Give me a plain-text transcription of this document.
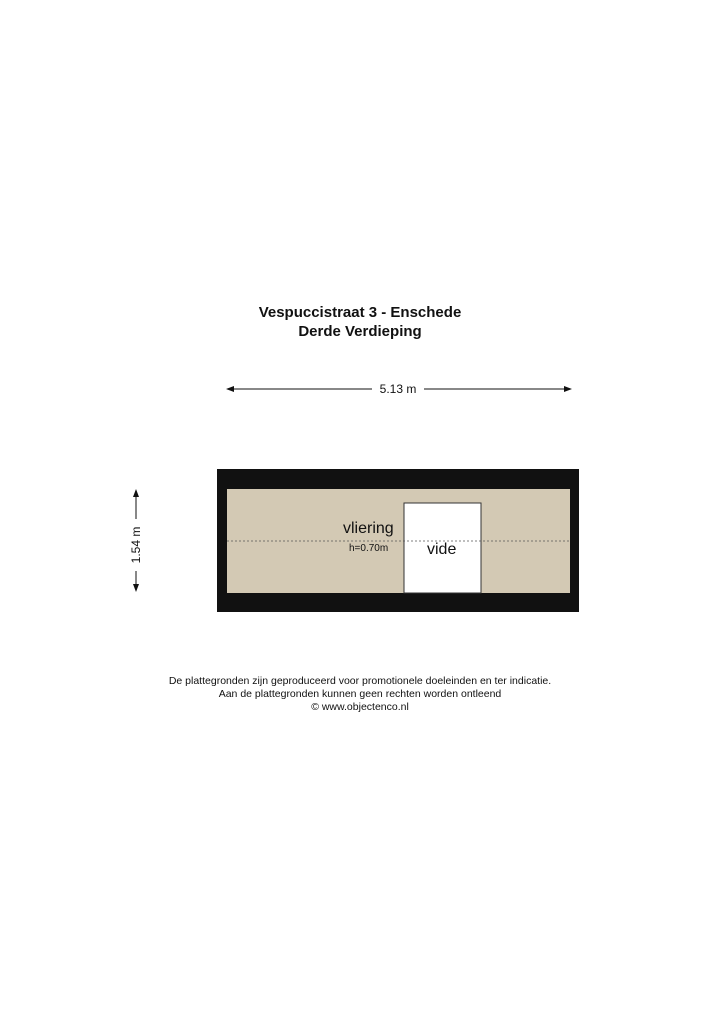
Vespuccistraat 3 - Enschede
Derde Verdieping
5.13 m
1.54 m	vliering
h=0.70m vide
De plattegronden zijn geproduceerd voor promotionele doeleinden en ter indicatie.
Aan de plattegronden kunnen geen rechten worden ontleend
© www.objectenco.nl
